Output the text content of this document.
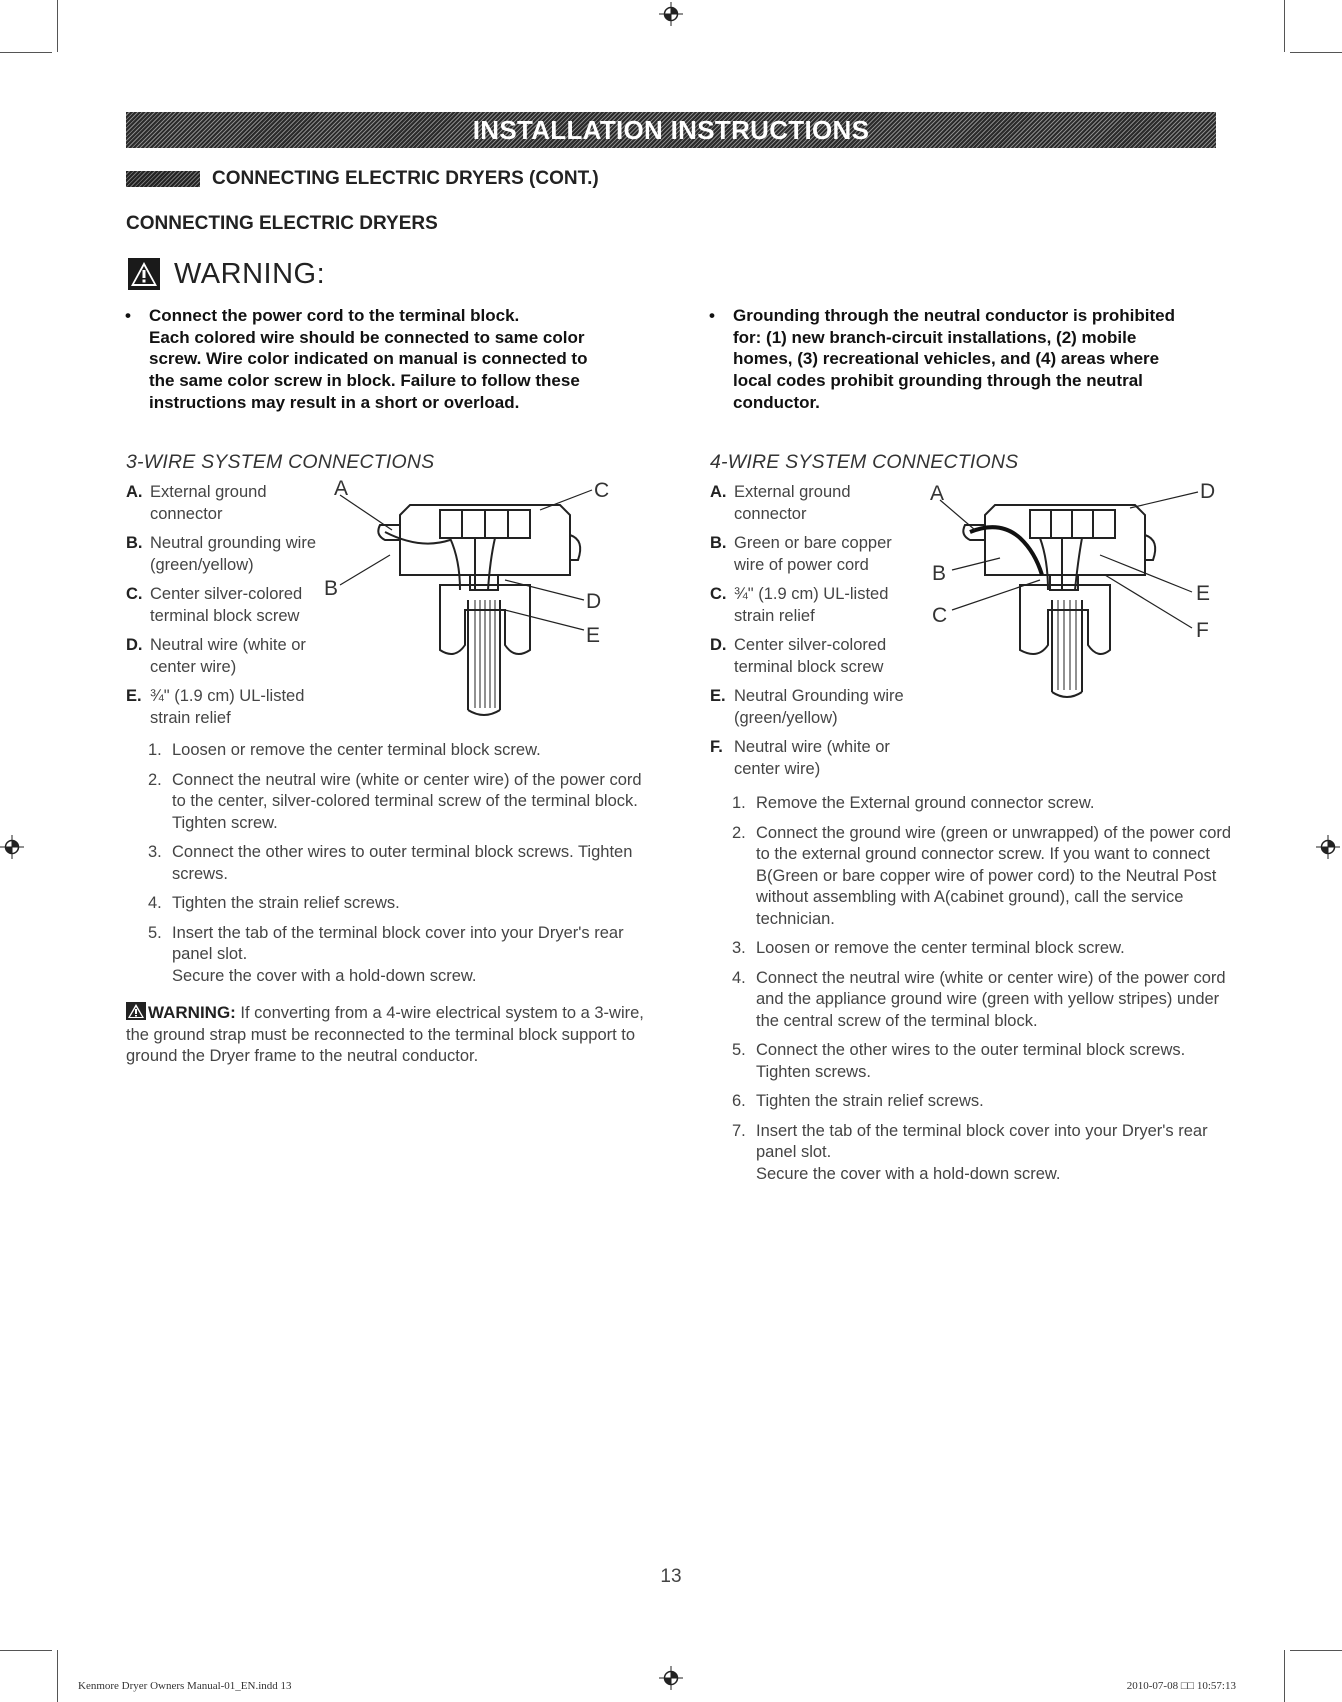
INSTALLATION INSTRUCTIONS
CONNECTING ELECTRIC DRYERS (CONT.)
CONNECTING ELECTRIC DRYERS
WARNING:
• Connect the power cord to the terminal block.
Each colored wire should be connected to same color
screw. Wire color indicated on manual is connected to
the same color screw in block. Failure to follow these
instructions may result in a short or overload.
• Grounding through the neutral conductor is prohibited
for: (1) new branch-circuit installations, (2) mobile
homes, (3) recreational vehicles, and (4) areas where
local codes prohibit grounding through the neutral
conductor.
3-WIRE SYSTEM CONNECTIONS
A. External ground connector
B. Neutral grounding wire (green/yellow)
C. Center silver-colored terminal block screw
D. Neutral wire (white or center wire)
E. ¾" (1.9 cm) UL-listed strain relief
A
B
C
D
E
1. Loosen or remove the center terminal block screw.
2. Connect the neutral wire (white or center wire) of the power cord to the center, silver-colored terminal screw of the terminal block. Tighten screw.
3. Connect the other wires to outer terminal block screws. Tighten screws.
4. Tighten the strain relief screws.
5. Insert the tab of the terminal block cover into your Dryer's rear panel slot.
Secure the cover with a hold-down screw.
WARNING: If converting from a 4-wire electrical system to a 3-wire, the ground strap must be reconnected to the terminal block support to ground the Dryer frame to the neutral conductor.
4-WIRE SYSTEM CONNECTIONS
A. External ground connector
B. Green or bare copper wire of power cord
C. ¾" (1.9 cm) UL-listed strain relief
D. Center silver-colored terminal block screw
E. Neutral Grounding wire (green/yellow)
F. Neutral wire (white or center wire)
A
B
C
D
E
F
1. Remove the External ground connector screw.
2. Connect the ground wire (green or unwrapped) of the power cord to the external ground connector screw. If you want to connect B(Green or bare copper wire of power cord) to the Neutral Post without assembling with A(cabinet ground), call the service technician.
3. Loosen or remove the center terminal block screw.
4. Connect the neutral wire (white or center wire) of the power cord and the appliance ground wire (green with yellow stripes) under the central screw of the terminal block.
5. Connect the other wires to the outer terminal block screws. Tighten screws.
6. Tighten the strain relief screws.
7. Insert the tab of the terminal block cover into your Dryer's rear panel slot.
Secure the cover with a hold-down screw.
13
Kenmore Dryer Owners Manual-01_EN.indd 13	2010-07-08 □□ 10:57:13
